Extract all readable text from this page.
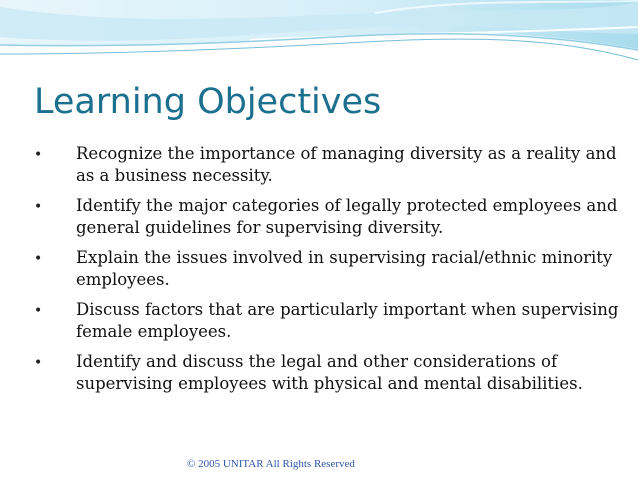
Learning Objectives
• Recognize the importance of managing diversity as a reality and as a business necessity.
• Identify the major categories of legally protected employees and general guidelines for supervising diversity.
• Explain the issues involved in supervising racial/ethnic minority employees.
• Discuss factors that are particularly important when supervising female employees.
• Identify and discuss the legal and other considerations of supervising employees with physical and mental disabilities.
© 2005 UNITAR All Rights Reserved
